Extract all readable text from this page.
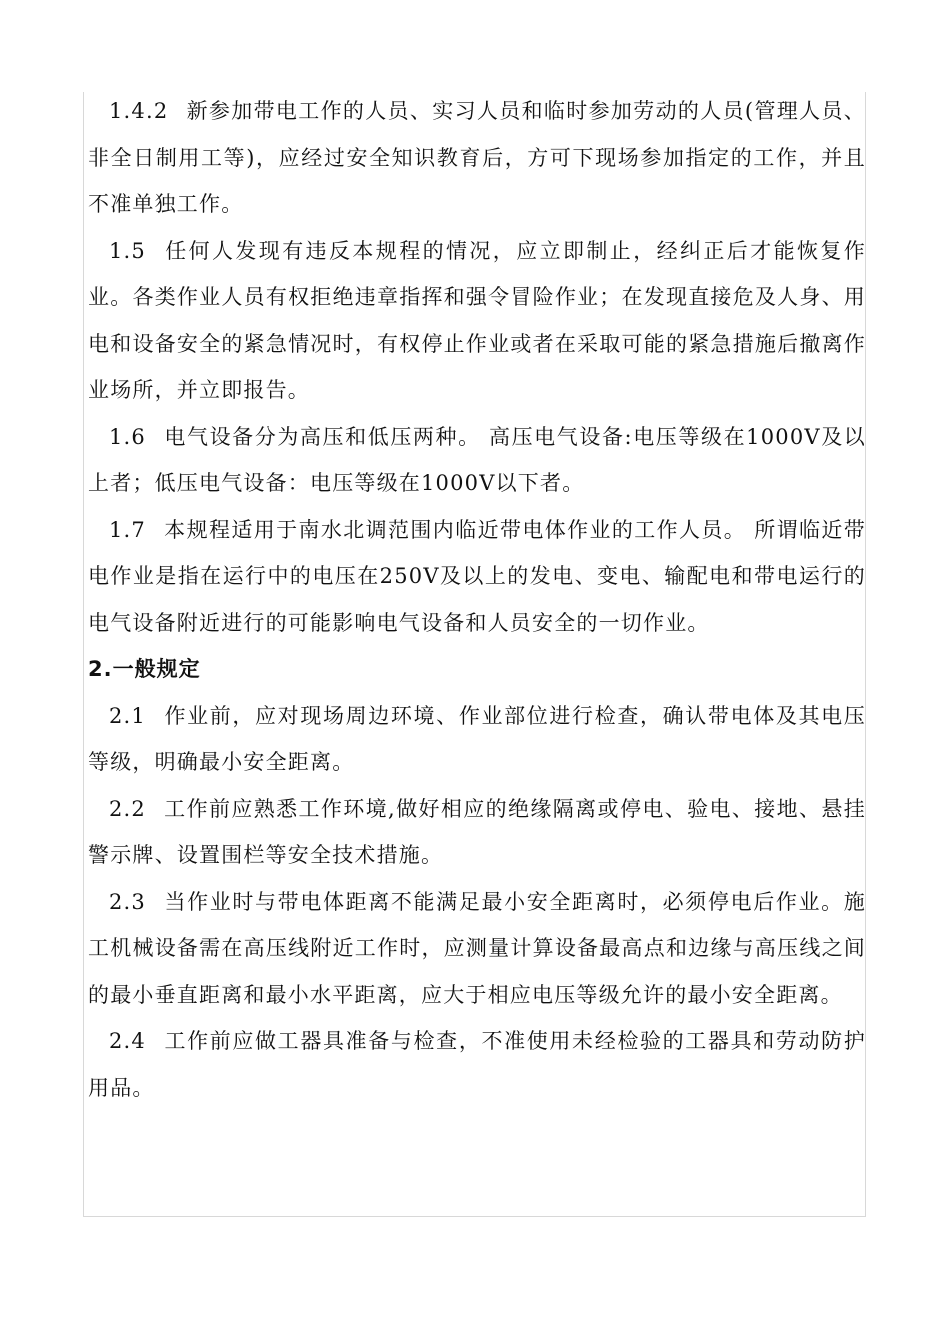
1.4.2 新参加带电工作的人员、实习人员和临时参加劳动的人员(管理人员、非全日制用工等)，应经过安全知识教育后，方可下现场参加指定的工作，并且不准单独工作。

1.5 任何人发现有违反本规程的情况，应立即制止，经纠正后才能恢复作业。各类作业人员有权拒绝违章指挥和强令冒险作业；在发现直接危及人身、用电和设备安全的紧急情况时，有权停止作业或者在采取可能的紧急措施后撤离作业场所，并立即报告。

1.6 电气设备分为高压和低压两种。 高压电气设备:电压等级在1000V及以上者；低压电气设备：电压等级在1000V以下者。

1.7 本规程适用于南水北调范围内临近带电体作业的工作人员。 所谓临近带电作业是指在运行中的电压在250V及以上的发电、变电、输配电和带电运行的电气设备附近进行的可能影响电气设备和人员安全的一切作业。

2.一般规定

2.1 作业前，应对现场周边环境、作业部位进行检查，确认带电体及其电压等级，明确最小安全距离。

2.2 工作前应熟悉工作环境,做好相应的绝缘隔离或停电、验电、接地、悬挂警示牌、设置围栏等安全技术措施。

2.3 当作业时与带电体距离不能满足最小安全距离时，必须停电后作业。施工机械设备需在高压线附近工作时，应测量计算设备最高点和边缘与高压线之间的最小垂直距离和最小水平距离，应大于相应电压等级允许的最小安全距离。

2.4 工作前应做工器具准备与检查，不准使用未经检验的工器具和劳动防护用品。
